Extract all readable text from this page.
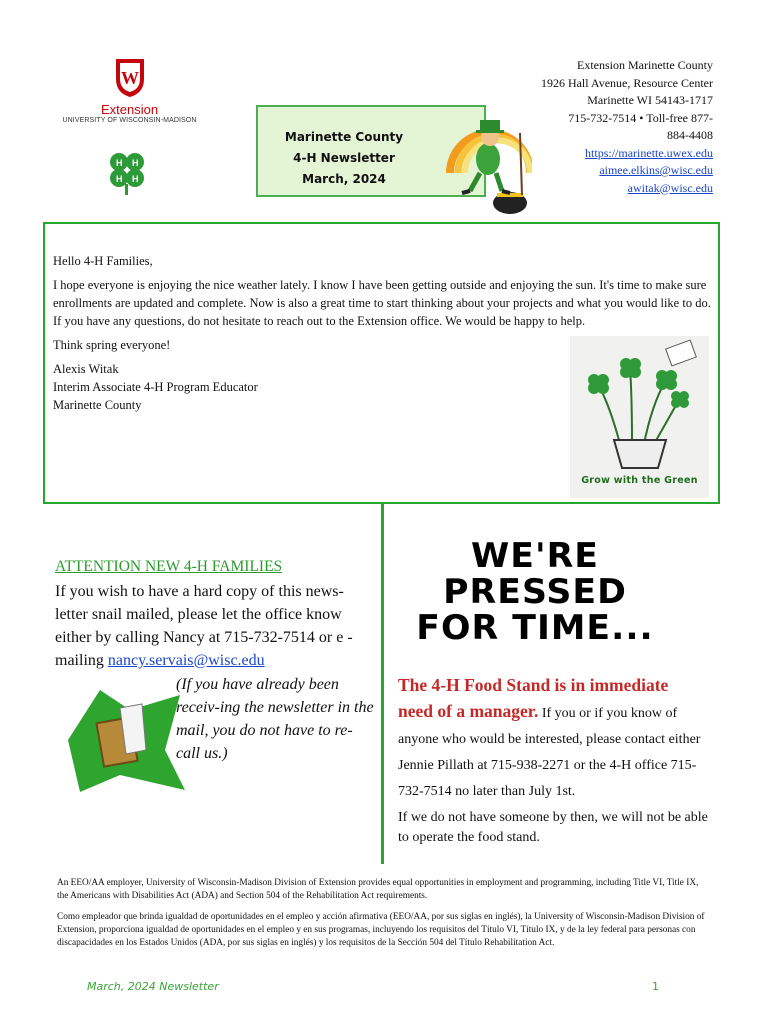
W
Extension
UNIVERSITY OF WISCONSIN-MADISON
H H
H H
Marinette County
4-H Newsletter
March, 2024
Extension Marinette County
1926 Hall Avenue, Resource Center
Marinette WI 54143-1717
715-732-7514 • Toll-free 877-
884-4408
https://marinette.uwex.edu
aimee.elkins@wisc.edu
awitak@wisc.edu

Hello 4-H Families,

I hope everyone is enjoying the nice weather lately. I know I have been getting outside and enjoying the sun. It's time to make sure enrollments are updated and complete. Now is also a great time to start thinking about your projects and what you would like to do. If you have any questions, do not hesitate to reach out to the Extension office. We would be happy to help.

Think spring everyone!

Alexis Witak
Interim Associate 4-H Program Educator
Marinette County
Grow with the Green
ATTENTION NEW 4-H FAMILIES
If you wish to have a hard copy of this news-letter snail mailed, please let the office know either by calling Nancy at 715-732-7514 or e -mailing nancy.servais@wisc.edu
(If you have already been receiv-ing the newsletter in the mail, you do not have to re-call us.)
WE'RE
PRESSED
FOR TIME...
The 4-H Food Stand is in immediate need of a manager. If you or if you know of anyone who would be interested, please contact either Jennie Pillath at 715-938-2271 or the 4-H office 715-732-7514 no later than July 1st.
If we do not have someone by then, we will not be able to operate the food stand.

An EEO/AA employer, University of Wisconsin-Madison Division of Extension provides equal opportunities in employment and programming, including Title VI, Title IX, the Americans with Disabilities Act (ADA) and Section 504 of the Rehabilitation Act requirements.

Como empleador que brinda igualdad de oportunidades en el empleo y acción afirmativa (EEO/AA, por sus siglas en inglés), la University of Wisconsin-Madison Division of Extension, proporciona igualdad de oportunidades en el empleo y en sus programas, incluyendo los requisitos del Título VI, Título IX, y de la ley federal para personas con discapacidades en los Estados Unidos (ADA, por sus siglas en inglés) y los requisitos de la Sección 504 del Título Rehabilitation Act.

March, 2024 Newsletter	1
